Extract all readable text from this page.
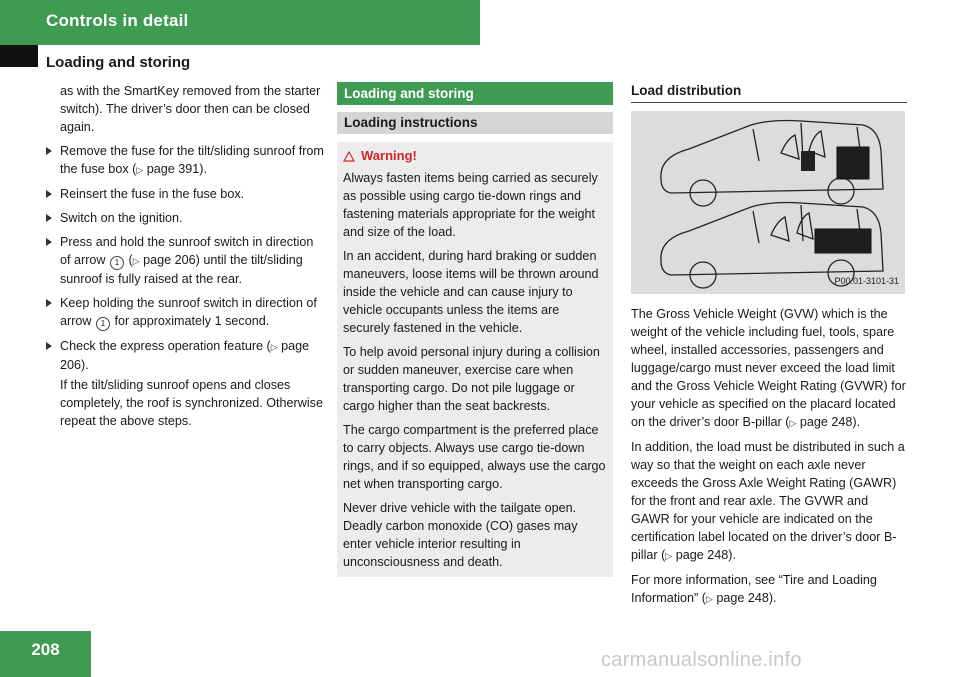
Controls in detail
Loading and storing

as with the SmartKey removed from the starter switch). The driver’s door then can be closed again.

Remove the fuse for the tilt/sliding sunroof from the fuse box (▷ page 391).
Reinsert the fuse in the fuse box.
Switch on the ignition.
Press and hold the sunroof switch in direction of arrow 1 (▷ page 206) until the tilt/sliding sunroof is fully raised at the rear.
Keep holding the sunroof switch in direction of arrow 1 for approximately 1 second.
Check the express operation feature (▷ page 206).

If the tilt/sliding sunroof opens and closes completely, the roof is synchronized. Otherwise repeat the above steps.

Loading and storing
Loading instructions
Warning!

Always fasten items being carried as securely as possible using cargo tie-down rings and fastening materials appropriate for the weight and size of the load.

In an accident, during hard braking or sudden maneuvers, loose items will be thrown around inside the vehicle and can cause injury to vehicle occupants unless the items are securely fastened in the vehicle.

To help avoid personal injury during a collision or sudden maneuver, exercise care when transporting cargo. Do not pile luggage or cargo higher than the seat backrests.

The cargo compartment is the preferred place to carry objects. Always use cargo tie-down rings, and if so equipped, always use the cargo net when transporting cargo.

Never drive vehicle with the tailgate open. Deadly carbon monoxide (CO) gases may enter vehicle interior resulting in unconsciousness and death.

Load distribution
P00.01-3101-31

The Gross Vehicle Weight (GVW) which is the weight of the vehicle including fuel, tools, spare wheel, installed accessories, passengers and luggage/cargo must never exceed the load limit and the Gross Vehicle Weight Rating (GVWR) for your vehicle as specified on the placard located on the driver’s door B-pillar (▷ page 248).

In addition, the load must be distributed in such a way so that the weight on each axle never exceeds the Gross Axle Weight Rating (GAWR) for the front and rear axle. The GVWR and GAWR for your vehicle are indicated on the certification label located on the driver’s door B-pillar (▷ page 248).

For more information, see “Tire and Loading Information” (▷ page 248).

208	carmanualsonline.info
